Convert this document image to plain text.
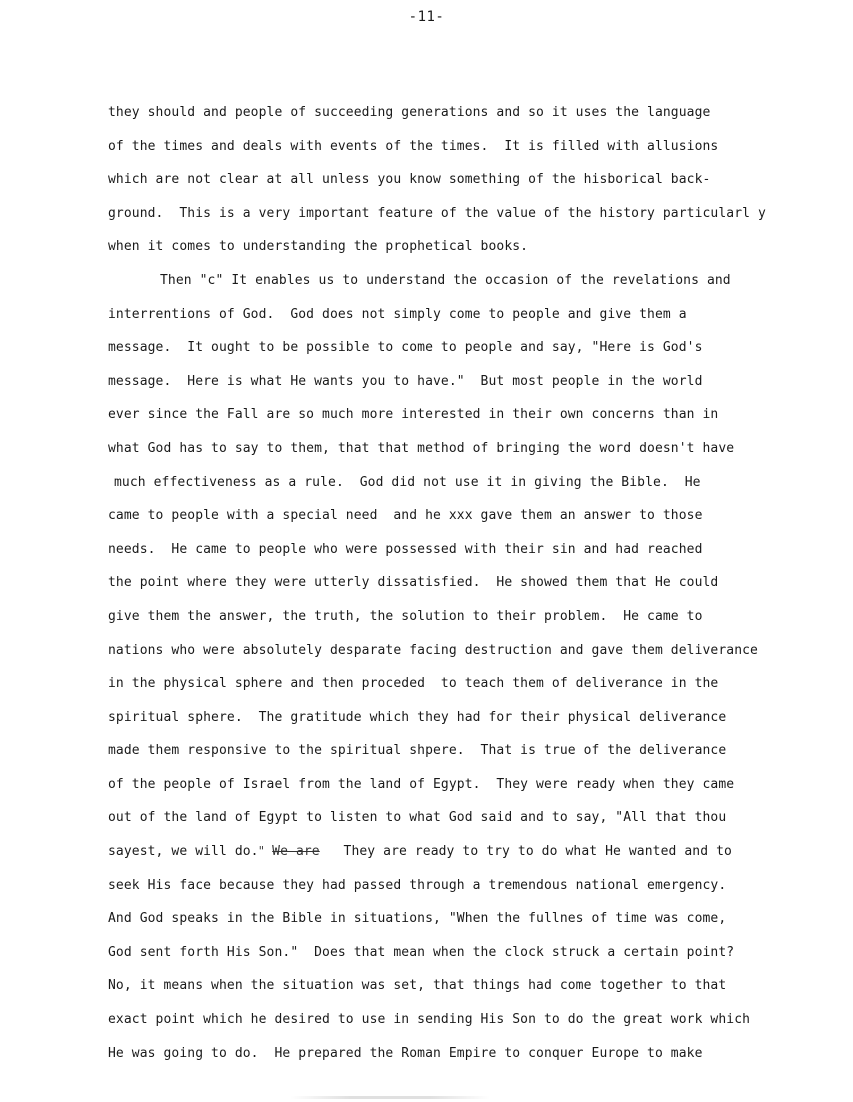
-11-
they should and people of succeeding generations and so it uses the language
of the times and deals with events of the times.  It is filled with allusions
which are not clear at all unless you know something of the hisborical back-
ground.  This is a very important feature of the value of the history particularl y
when it comes to understanding the prophetical books.
Then "c" It enables us to understand the occasion of the revelations and
interrentions of God.  God does not simply come to people and give them a
message.  It ought to be possible to come to people and say, "Here is God's
message.  Here is what He wants you to have."  But most people in the world
ever since the Fall are so much more interested in their own concerns than in
what God has to say to them, that that method of bringing the word doesn't have
much effectiveness as a rule.  God did not use it in giving the Bible.  He
came to people with a special need  and he xxx gave them an answer to those
needs.  He came to people who were possessed with their sin and had reached
the point where they were utterly dissatisfied.  He showed them that He could
give them the answer, the truth, the solution to their problem.  He came to
nations who were absolutely desparate facing destruction and gave them deliverance
in the physical sphere and then proceded  to teach them of deliverance in the
spiritual sphere.  The gratitude which they had for their physical deliverance
made them responsive to the spiritual shpere.  That is true of the deliverance
of the people of Israel from the land of Egypt.  They were ready when they came
out of the land of Egypt to listen to what God said and to say, "All that thou
sayest, we will do." We are   They are ready to try to do what He wanted and to
seek His face because they had passed through a tremendous national emergency.
And God speaks in the Bible in situations, "When the fullnes of time was come,
God sent forth His Son."  Does that mean when the clock struck a certain point?
No, it means when the situation was set, that things had come together to that
exact point which he desired to use in sending His Son to do the great work which
He was going to do.  He prepared the Roman Empire to conquer Europe to make
